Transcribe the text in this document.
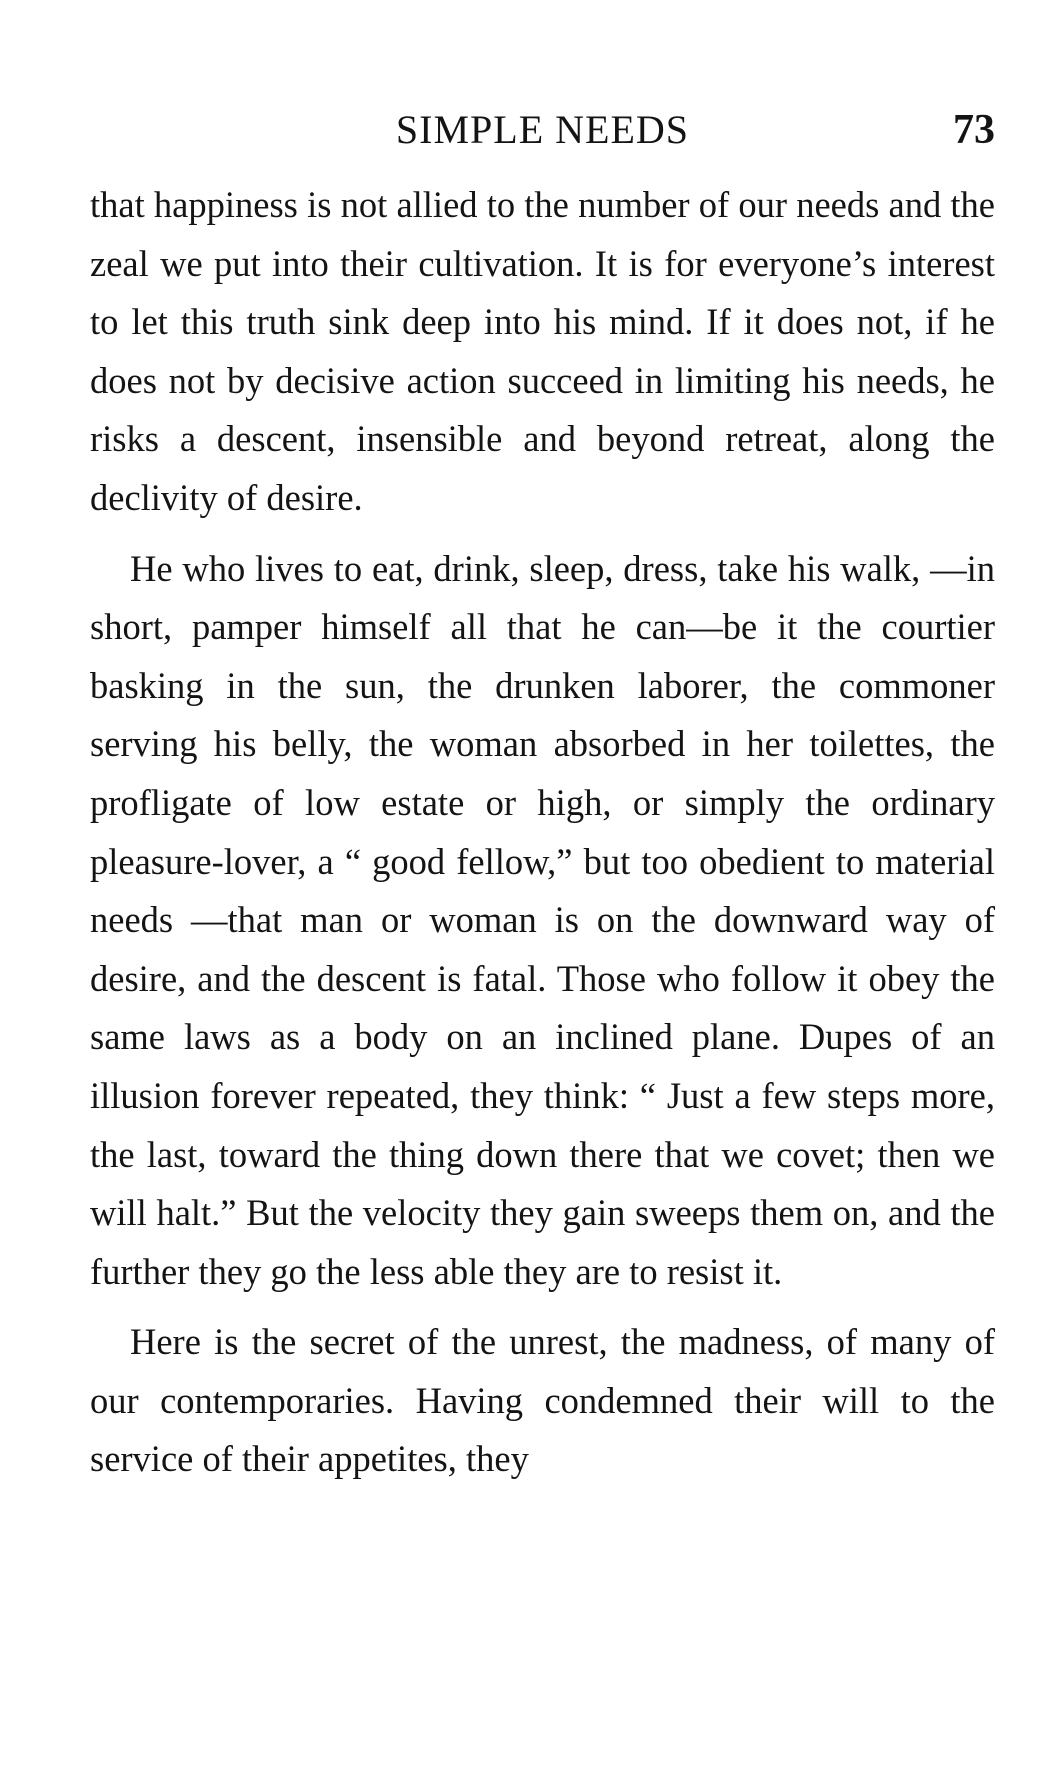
SIMPLE NEEDS	73

that happiness is not allied to the number of our needs and the zeal we put into their cultivation. It is for everyone’s interest to let this truth sink deep into his mind. If it does not, if he does not by decisive action succeed in limiting his needs, he risks a descent, insensible and beyond retreat, along the declivity of desire.

He who lives to eat, drink, sleep, dress, take his walk, —in short, pamper himself all that he can—be it the courtier basking in the sun, the drunken laborer, the commoner serving his belly, the woman absorbed in her toilettes, the profligate of low estate or high, or simply the ordinary pleasure-lover, a “ good fellow,” but too obedient to material needs —that man or woman is on the downward way of desire, and the descent is fatal. Those who follow it obey the same laws as a body on an inclined plane. Dupes of an illusion forever repeated, they think: “ Just a few steps more, the last, toward the thing down there that we covet; then we will halt.” But the velocity they gain sweeps them on, and the further they go the less able they are to resist it.

Here is the secret of the unrest, the madness, of many of our contemporaries. Having condemned their will to the service of their appetites, they
